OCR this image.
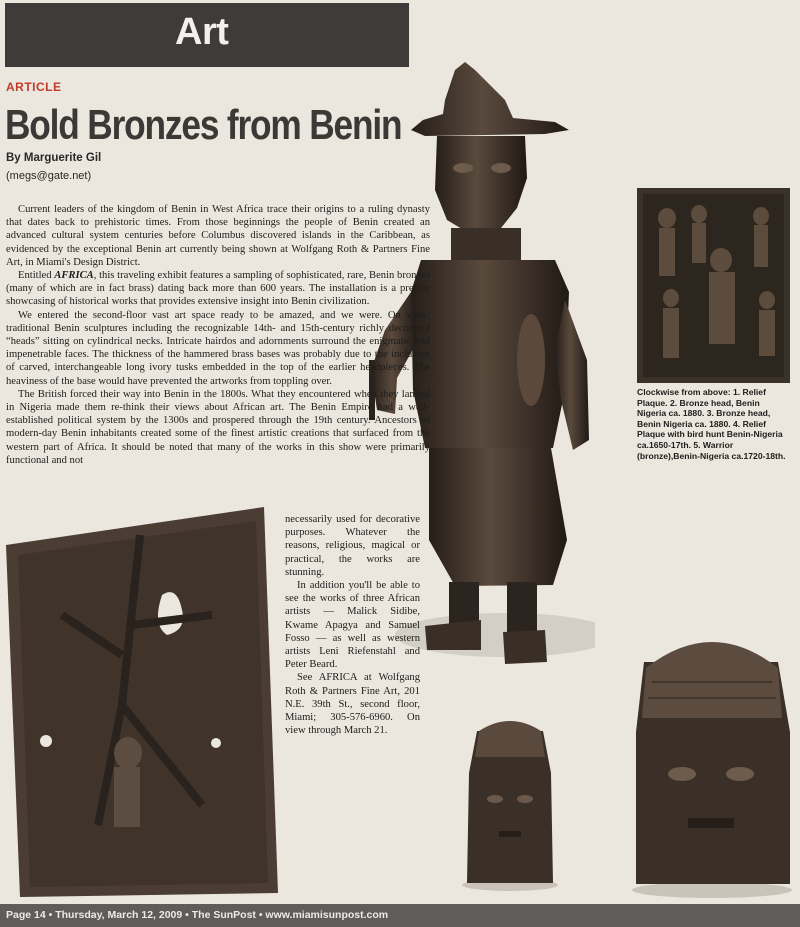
Art
ARTICLE
Bold Bronzes from Benin
By Marguerite Gil
(megs@gate.net)

Current leaders of the kingdom of Benin in West Africa trace their origins to a ruling dynasty that dates back to prehistoric times. From those beginnings the people of Benin created an advanced cultural system centuries before Columbus discovered islands in the Caribbean, as evidenced by the exceptional Benin art currently being shown at Wolfgang Roth & Partners Fine Art, in Miami's Design District.

Entitled AFRICA, this traveling exhibit features a sampling of sophisticated, rare, Benin bronzes (many of which are in fact brass) dating back more than 600 years. The installation is a precise showcasing of historical works that provides extensive insight into Benin civilization.

We entered the second-floor vast art space ready to be amazed, and we were. On view: traditional Benin sculptures including the recognizable 14th- and 15th-century richly decorated “heads” sitting on cylindrical necks. Intricate hairdos and adornments surround the enigmatic and impenetrable faces. The thickness of the hammered brass bases was probably due to the inclusion of carved, interchangeable long ivory tusks embedded in the top of the earlier headpieces. The heaviness of the base would have prevented the artworks from toppling over.

The British forced their way into Benin in the 1800s. What they encountered when they landed in Nigeria made them re-think their views about African art. The Benin Empire had a well-established political system by the 1300s and prospered through the 19th century. Ancestors of modern-day Benin inhabitants created some of the finest artistic creations that surfaced from the western part of Africa. It should be noted that many of the works in this show were primarily functional and not

necessarily used for decorative purposes. Whatever the reasons, religious, magical or practical, the works are stunning.

In addition you'll be able to see the works of three African artists — Malick Sidibe, Kwame Apagya and Samuel Fosso — as well as western artists Leni Riefenstahl and Peter Beard.

See AFRICA at Wolfgang Roth & Partners Fine Art, 201 N.E. 39th St., second floor, Miami; 305-576-6960. On view through March 21.

Clockwise from above: 1. Relief Plaque. 2. Bronze head, Benin Nigeria ca. 1880. 3. Bronze head, Benin Nigeria ca. 1880. 4. Relief Plaque with bird hunt Benin-Nigeria ca.1650-17th. 5. Warrior (bronze),Benin-Nigeria ca.1720-18th.
Page 14 • Thursday, March 12, 2009 • The SunPost • www.miamisunpost.com
